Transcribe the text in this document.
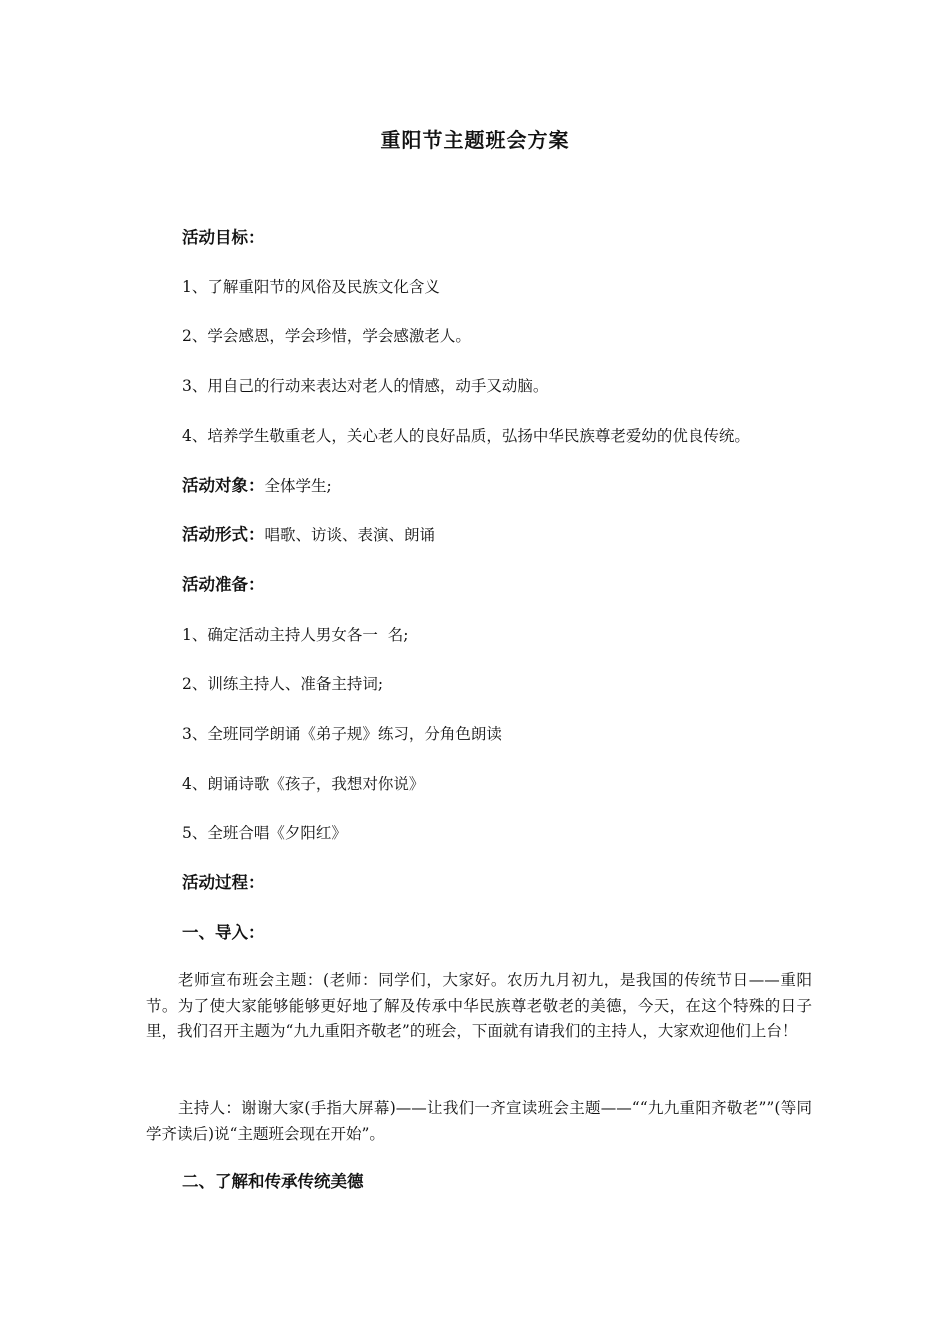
重阳节主题班会方案
活动目标：
1、了解重阳节的风俗及民族文化含义
2、学会感恩，学会珍惜，学会感激老人。
3、用自己的行动来表达对老人的情感，动手又动脑。
4、培养学生敬重老人，关心老人的良好品质，弘扬中华民族尊老爱幼的优良传统。
活动对象：全体学生;
活动形式：唱歌、访谈、表演、朗诵
活动准备：
1、确定活动主持人男女各一  名;
2、训练主持人、准备主持词;
3、全班同学朗诵《弟子规》练习，分角色朗读
4、朗诵诗歌《孩子，我想对你说》
5、全班合唱《夕阳红》
活动过程：
一、导入：
老师宣布班会主题：(老师：同学们，大家好。农历九月初九，是我国的传统节日——重阳节。为了使大家能够能够更好地了解及传承中华民族尊老敬老的美德，今天，在这个特殊的日子里，我们召开主题为“九九重阳齐敬老”的班会，下面就有请我们的主持人，大家欢迎他们上台！
主持人：谢谢大家(手指大屏幕)——让我们一齐宣读班会主题——““九九重阳齐敬老””(等同学齐读后)说“主题班会现在开始”。
二、了解和传承传统美德
